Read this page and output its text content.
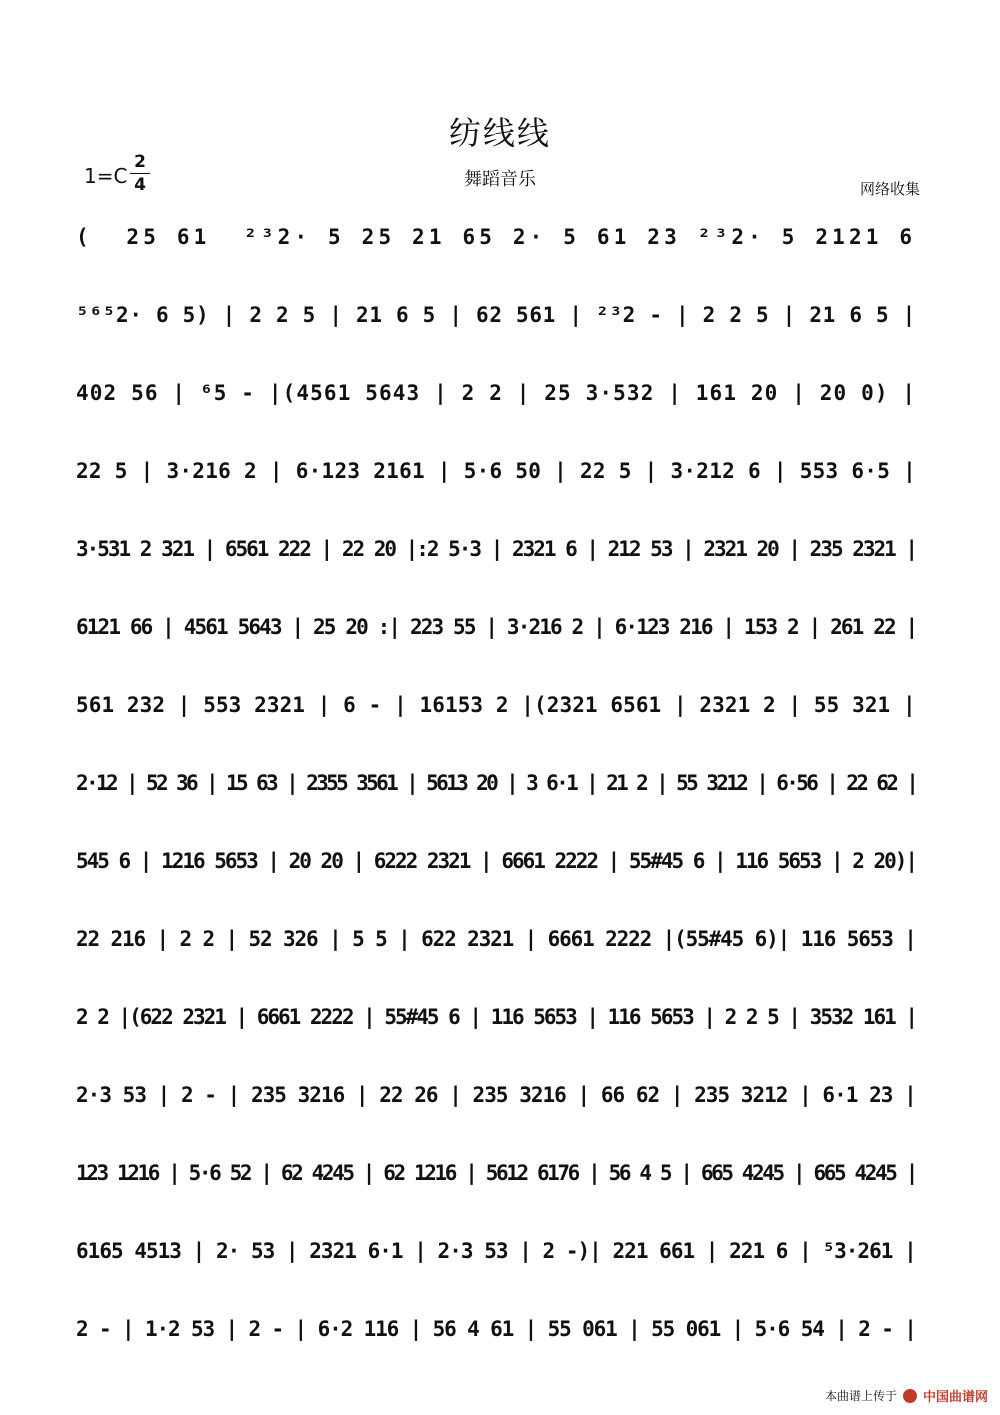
纺线线
1=C
2
4	舞蹈音乐	网络收集
(  25 61  ²³2· 5 25 21 65 2· 5 61 23 ²³2· 5 2121 6
⁵⁶⁵2· 6 5) | 2 2 5 | 21 6 5 | 62 561 | ²³2 - | 2 2 5 | 21 6 5 |
402 56 | ⁶5 - |(4561 5643 | 2 2 | 25 3·532 | 161 20 | 20 0) |
22 5 | 3·216 2 | 6·123 2161 | 5·6 50 | 22 5 | 3·212 6 | 553 6·5 |
3·531 2 321 | 6561 222 | 22 20 |:2 5·3 | 2321 6 | 212 53 | 2321 20 | 235 2321 |
6121 66 | 4561 5643 | 25 20 :| 223 55 | 3·216 2 | 6·123 216 | 153 2 | 261 22 |
561 232 | 553 2321 | 6 - | 16153 2 |(2321 6561 | 2321 2 | 55 321 |
2·12 | 52 36 | 15 63 | 2355 3561 | 5613 20 | 3 6·1 | 21 2 | 55 3212 | 6·56 | 22 62 |
545 6 | 1216 5653 | 20 20 | 6222 2321 | 6661 2222 | 55#45 6 | 116 5653 | 2 20)|
22 216 | 2 2 | 52 326 | 5 5 | 622 2321 | 6661 2222 |(55#45 6)| 116 5653 |
2 2 |(622 2321 | 6661 2222 | 55#45 6 | 116 5653 | 116 5653 | 2 2 5 | 3532 161 |
2·3 53 | 2 - | 235 3216 | 22 26 | 235 3216 | 66 62 | 235 3212 | 6·1 23 |
123 1216 | 5·6 52 | 62 4245 | 62 1216 | 5612 6176 | 56 4 5 | 665 4245 | 665 4245 |
6165 4513 | 2· 53 | 2321 6·1 | 2·3 53 | 2 -)| 221 661 | 221 6 | ⁵3·261 |
2 - | 1·2 53 | 2 - | 6·2 116 | 56 4 61 | 55 061 | 55 061 | 5·6 54 | 2 - |
本曲谱上传于 中国曲谱网
